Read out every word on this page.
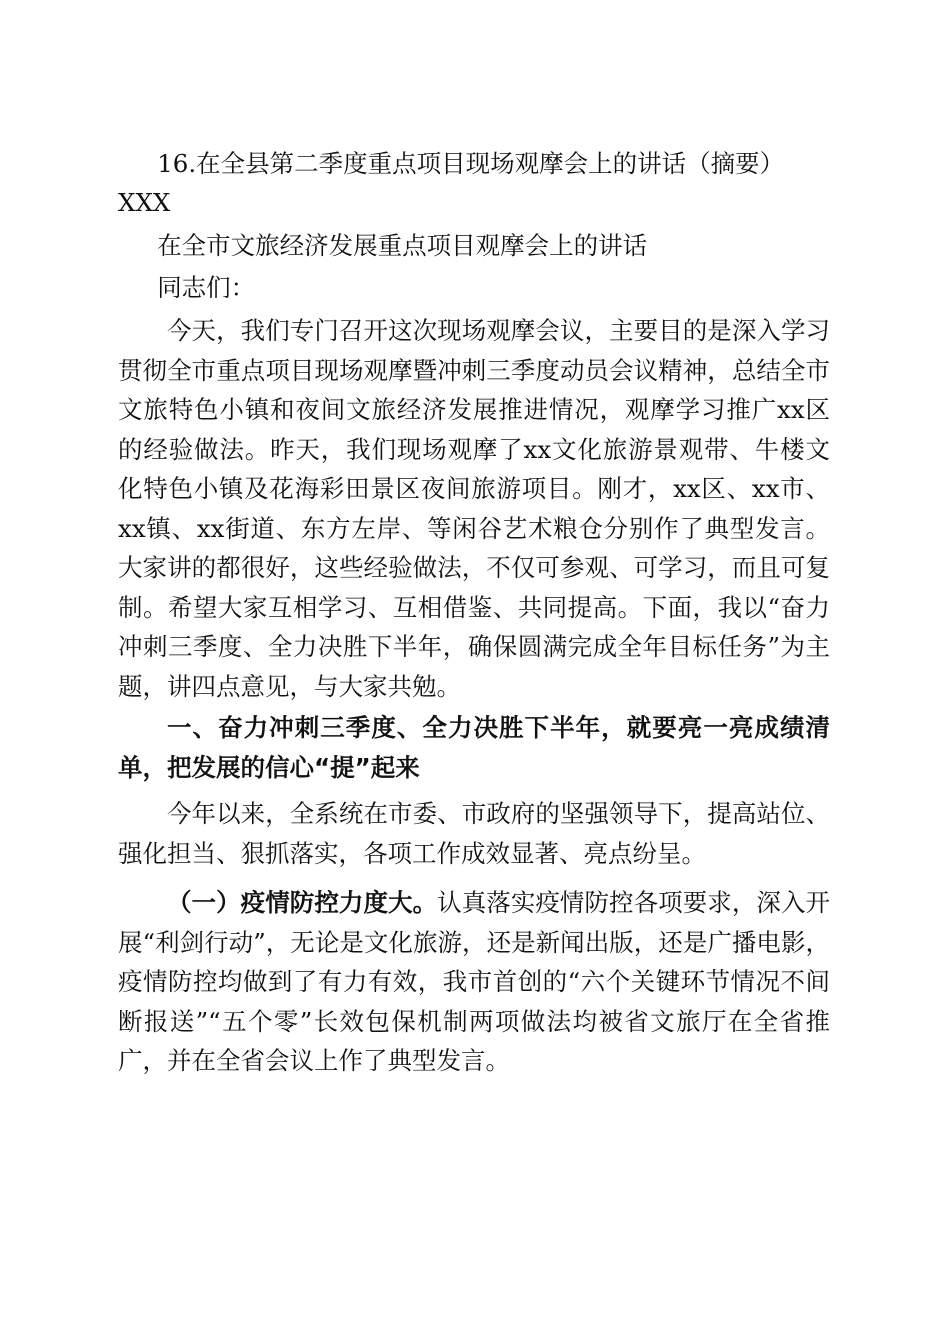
16.在全县第二季度重点项目现场观摩会上的讲话（摘要）

XXX

在全市文旅经济发展重点项目观摩会上的讲话

同志们：

今天，我们专门召开这次现场观摩会议，主要目的是深入学习贯彻全市重点项目现场观摩暨冲刺三季度动员会议精神，总结全市文旅特色小镇和夜间文旅经济发展推进情况，观摩学习推广xx区的经验做法。昨天，我们现场观摩了xx文化旅游景观带、牛楼文化特色小镇及花海彩田景区夜间旅游项目。刚才，xx区、xx市、xx镇、xx街道、东方左岸、等闲谷艺术粮仓分别作了典型发言。大家讲的都很好，这些经验做法，不仅可参观、可学习，而且可复制。希望大家互相学习、互相借鉴、共同提高。下面，我以“奋力冲刺三季度、全力决胜下半年，确保圆满完成全年目标任务”为主题，讲四点意见，与大家共勉。

一、奋力冲刺三季度、全力决胜下半年，就要亮一亮成绩清单，把发展的信心“提”起来

今年以来，全系统在市委、市政府的坚强领导下，提高站位、强化担当、狠抓落实，各项工作成效显著、亮点纷呈。

（一）疫情防控力度大。认真落实疫情防控各项要求，深入开展“利剑行动”，无论是文化旅游，还是新闻出版，还是广播电影，疫情防控均做到了有力有效，我市首创的“六个关键环节情况不间断报送”“五个零”长效包保机制两项做法均被省文旅厅在全省推广，并在全省会议上作了典型发言。
